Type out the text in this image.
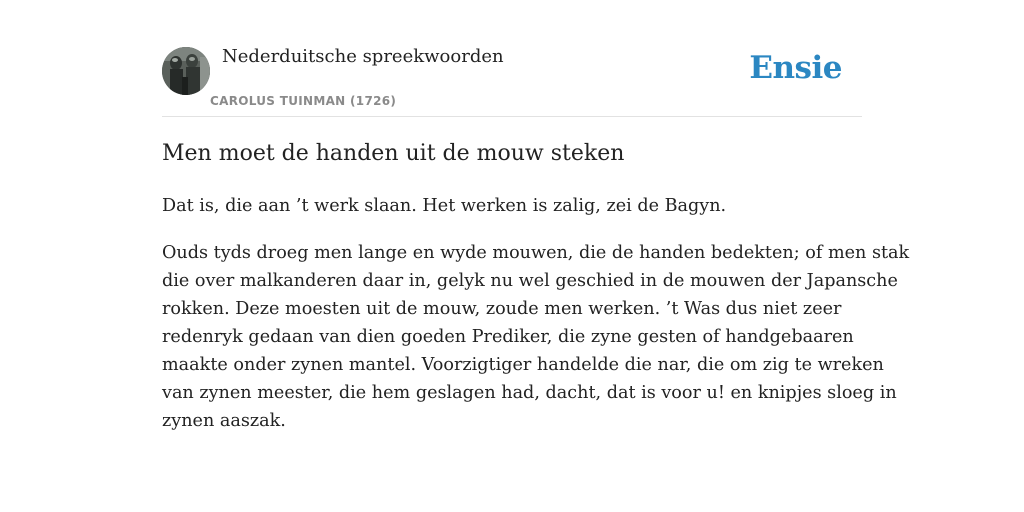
Nederduitsche spreekwoorden
CAROLUS TUINMAN (1726)
Ensie
Men moet de handen uit de mouw steken

Dat is, die aan ’t werk slaan. Het werken is zalig, zei de Bagyn.

Ouds tyds droeg men lange en wyde mouwen, die de handen bedekten; of men stak
die over malkanderen daar in, gelyk nu wel geschied in de mouwen der Japansche
rokken. Deze moesten uit de mouw, zoude men werken. ’t Was dus niet zeer
redenryk gedaan van dien goeden Prediker, die zyne gesten of handgebaaren
maakte onder zynen mantel. Voorzigtiger handelde die nar, die om zig te wreken
van zynen meester, die hem geslagen had, dacht, dat is voor u! en knipjes sloeg in
zynen aaszak.
